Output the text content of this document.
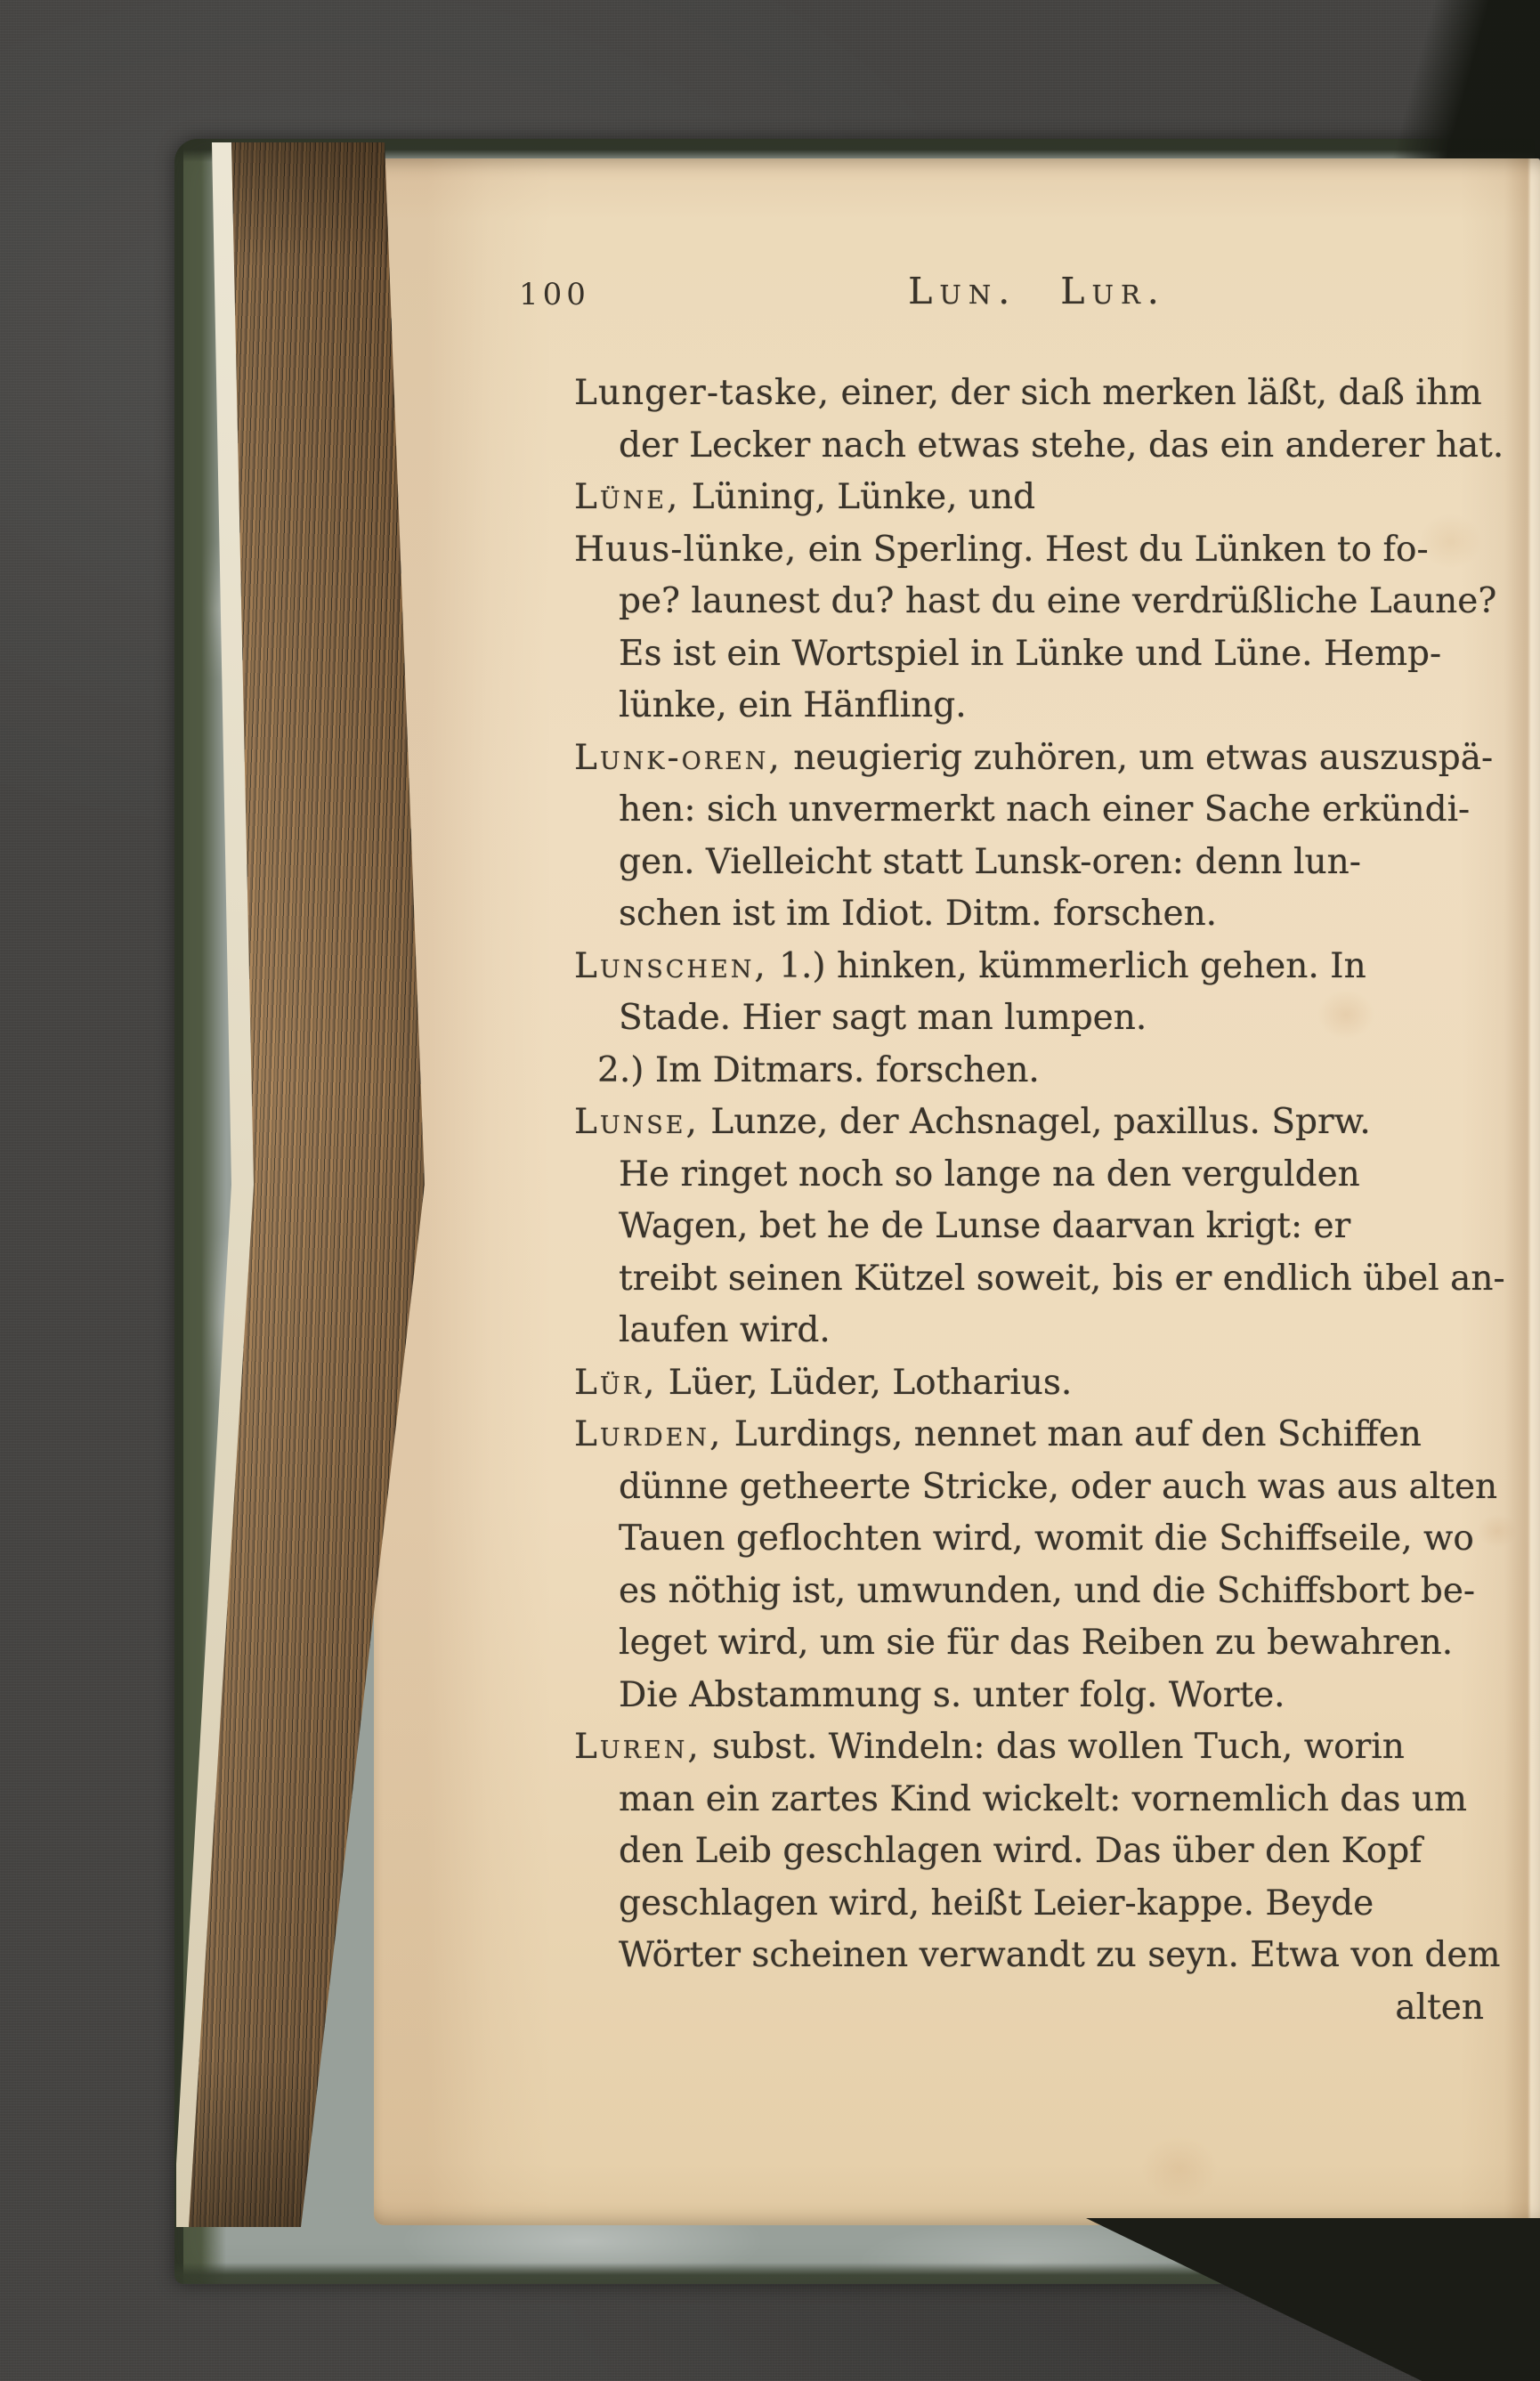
100	Lun. Lur.
Lunger-taske, einer, der sich merken läßt, daß ihm
der Lecker nach etwas stehe, das ein anderer hat.
Lüne, Lüning, Lünke, und
Huus-lünke, ein Sperling. Hest du Lünken to fo-
pe? launest du? hast du eine verdrüßliche Laune?
Es ist ein Wortspiel in Lünke und Lüne. Hemp-
lünke, ein Hänfling.
Lunk-oren, neugierig zuhören, um etwas auszuspä-
hen: sich unvermerkt nach einer Sache erkündi-
gen. Vielleicht statt Lunsk-oren: denn lun-
schen ist im Idiot. Ditm. forschen.
Lunschen, 1.) hinken, kümmerlich gehen. In
Stade. Hier sagt man lumpen.
2.) Im Ditmars. forschen.
Lunse, Lunze, der Achsnagel, paxillus. Sprw.
He ringet noch so lange na den vergulden
Wagen, bet he de Lunse daarvan krigt: er
treibt seinen Kützel soweit, bis er endlich übel an-
laufen wird.
Lür, Lüer, Lüder, Lotharius.
Lurden, Lurdings, nennet man auf den Schiffen
dünne getheerte Stricke, oder auch was aus alten
Tauen geflochten wird, womit die Schiffseile, wo
es nöthig ist, umwunden, und die Schiffsbort be-
leget wird, um sie für das Reiben zu bewahren.
Die Abstammung s. unter folg. Worte.
Luren, subst. Windeln: das wollen Tuch, worin
man ein zartes Kind wickelt: vornemlich das um
den Leib geschlagen wird. Das über den Kopf
geschlagen wird, heißt Leier-kappe. Beyde
Wörter scheinen verwandt zu seyn. Etwa von dem
alten
